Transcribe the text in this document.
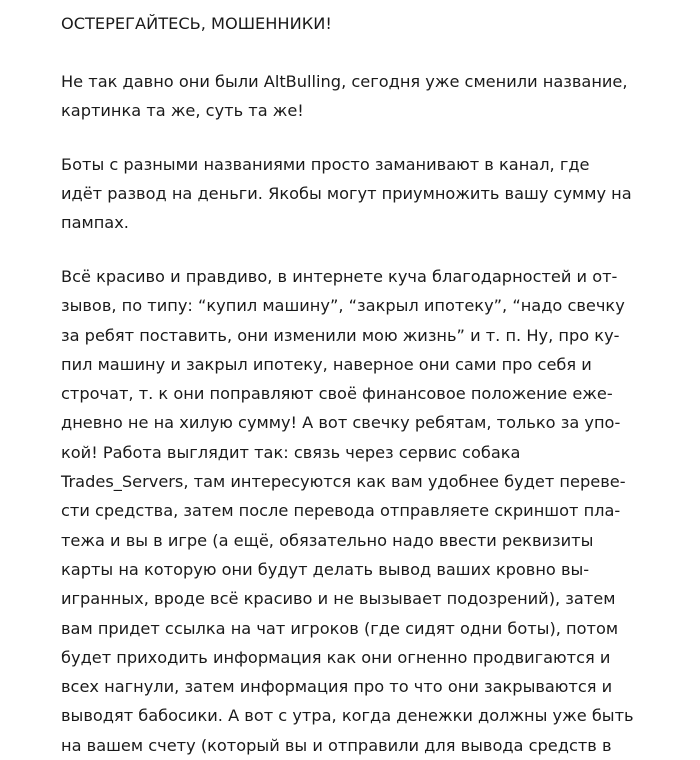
ОСТЕРЕГАЙТЕСЬ, МОШЕННИКИ!

Не так давно они были AltBulling, сегодня уже сменили название,
картинка та же, суть та же!

Боты с разными названиями просто заманивают в канал, где
идёт развод на деньги. Якобы могут приумножить вашу сумму на
пампах.

Всё красиво и правдиво, в интернете куча благодарностей и от-
зывов, по типу: “купил машину”, “закрыл ипотеку”, “надо свечку
за ребят поставить, они изменили мою жизнь” и т. п. Ну, про ку-
пил машину и закрыл ипотеку, наверное они сами про себя и
строчат, т. к они поправляют своё финансовое положение еже-
дневно не на хилую сумму! А вот свечку ребятам, только за упо-
кой! Работа выглядит так: связь через сервис собака
Trades_Servers, там интересуются как вам удобнее будет переве-
сти средства, затем после перевода отправляете скриншот пла-
тежа и вы в игре (а ещё, обязательно надо ввести реквизиты
карты на которую они будут делать вывод ваших кровно вы-
игранных, вроде всё красиво и не вызывает подозрений), затем
вам придет ссылка на чат игроков (где сидят одни боты), потом
будет приходить информация как они огненно продвигаются и
всех нагнули, затем информация про то что они закрываются и
выводят бабосики. А вот с утра, когда денежки должны уже быть
на вашем счету (который вы и отправили для вывода средств в
